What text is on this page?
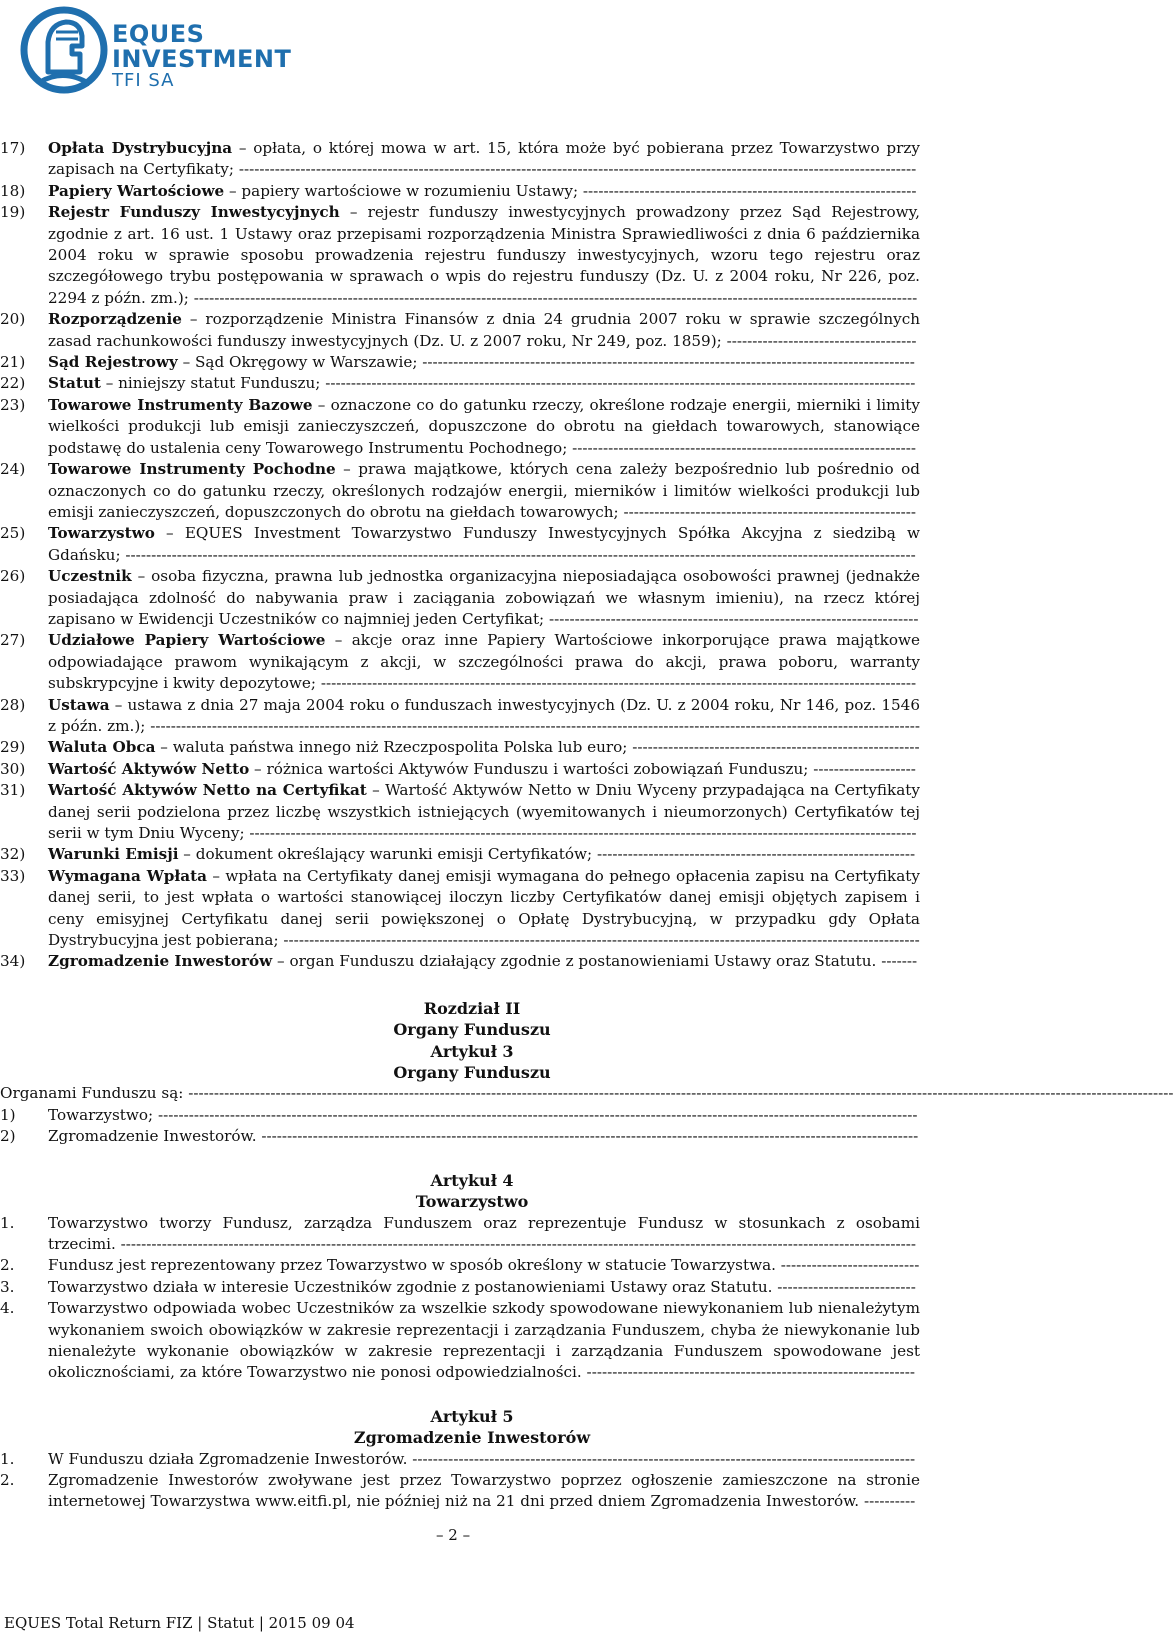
EQUES
INVESTMENT
TFI SA
17)	Opłata Dystrybucyjna – opłata, o której mowa w art. 15, która może być pobierana przez Towarzystwo przy zapisach na Certyfikaty; ------------------------------------------------------------------------------------------------------------------------------------
18)	Papiery Wartościowe – papiery wartościowe w rozumieniu Ustawy; -----------------------------------------------------------------
19)	Rejestr Funduszy Inwestycyjnych – rejestr funduszy inwestycyjnych prowadzony przez Sąd Rejestrowy, zgodnie z art. 16 ust. 1 Ustawy oraz przepisami rozporządzenia Ministra Sprawiedliwości z dnia 6 października 2004 roku w sprawie sposobu prowadzenia rejestru funduszy inwestycyjnych, wzoru tego rejestru oraz szczegółowego trybu postępowania w sprawach o wpis do rejestru funduszy (Dz. U. z 2004 roku, Nr 226, poz. 2294 z późn. zm.); ---------------------------------------------------------------------------------------------------------------------------------------------
20)	Rozporządzenie – rozporządzenie Ministra Finansów z dnia 24 grudnia 2007 roku w sprawie szczególnych zasad rachunkowości funduszy inwestycyjnych (Dz. U. z 2007 roku, Nr 249, poz. 1859); -------------------------------------
21)	Sąd Rejestrowy – Sąd Okręgowy w Warszawie; ------------------------------------------------------------------------------------------------
22)	Statut – niniejszy statut Funduszu; -------------------------------------------------------------------------------------------------------------------
23)	Towarowe Instrumenty Bazowe – oznaczone co do gatunku rzeczy, określone rodzaje energii, mierniki i limity wielkości produkcji lub emisji zanieczyszczeń, dopuszczone do obrotu na giełdach towarowych, stanowiące podstawę do ustalenia ceny Towarowego Instrumentu Pochodnego; -------------------------------------------------------------------
24)	Towarowe Instrumenty Pochodne – prawa majątkowe, których cena zależy bezpośrednio lub pośrednio od oznaczonych co do gatunku rzeczy, określonych rodzajów energii, mierników i limitów wielkości produkcji lub emisji zanieczyszczeń, dopuszczonych do obrotu na giełdach towarowych; ---------------------------------------------------------
25)	Towarzystwo – EQUES Investment Towarzystwo Funduszy Inwestycyjnych Spółka Akcyjna z siedzibą w Gdańsku; ----------------------------------------------------------------------------------------------------------------------------------------------------------
26)	Uczestnik – osoba fizyczna, prawna lub jednostka organizacyjna nieposiadająca osobowości prawnej (jednakże posiadająca zdolność do nabywania praw i zaciągania zobowiązań we własnym imieniu), na rzecz której zapisano w Ewidencji Uczestników co najmniej jeden Certyfikat; ------------------------------------------------------------------------
27)	Udziałowe Papiery Wartościowe – akcje oraz inne Papiery Wartościowe inkorporujące prawa majątkowe odpowiadające prawom wynikającym z akcji, w szczególności prawa do akcji, prawa poboru, warranty subskrypcyjne i kwity depozytowe; --------------------------------------------------------------------------------------------------------------------
28)	Ustawa – ustawa z dnia 27 maja 2004 roku o funduszach inwestycyjnych (Dz. U. z 2004 roku, Nr 146, poz. 1546 z późn. zm.); ------------------------------------------------------------------------------------------------------------------------------------------------------
29)	Waluta Obca – waluta państwa innego niż Rzeczpospolita Polska lub euro; --------------------------------------------------------
30)	Wartość Aktywów Netto – różnica wartości Aktywów Funduszu i wartości zobowiązań Funduszu; --------------------
31)	Wartość Aktywów Netto na Certyfikat – Wartość Aktywów Netto w Dniu Wyceny przypadająca na Certyfikaty danej serii podzielona przez liczbę wszystkich istniejących (wyemitowanych i nieumorzonych) Certyfikatów tej serii w tym Dniu Wyceny; ----------------------------------------------------------------------------------------------------------------------------------
32)	Warunki Emisji – dokument określający warunki emisji Certyfikatów; --------------------------------------------------------------
33)	Wymagana Wpłata – wpłata na Certyfikaty danej emisji wymagana do pełnego opłacenia zapisu na Certyfikaty danej serii, to jest wpłata o wartości stanowiącej iloczyn liczby Certyfikatów danej emisji objętych zapisem i ceny emisyjnej Certyfikatu danej serii powiększonej o Opłatę Dystrybucyjną, w przypadku gdy Opłata Dystrybucyjna jest pobierana; ----------------------------------------------------------------------------------------------------------------------------
34)	Zgromadzenie Inwestorów – organ Funduszu działający zgodnie z postanowieniami Ustawy oraz Statutu. -------
Rozdział II
Organy Funduszu
Artykuł 3
Organy Funduszu
Organami Funduszu są: -----
1)	Towarzystwo; ----------------------------------------------------------------------------------------------------------------------------------------------------
2)	Zgromadzenie Inwestorów. --------------------------------------------------------------------------------------------------------------------------------
Artykuł 4
Towarzystwo
1.	Towarzystwo tworzy Fundusz, zarządza Funduszem oraz reprezentuje Fundusz w stosunkach z osobami trzecimi. -----------------------------------------------------------------------------------------------------------------------------------------------------------
2.	Fundusz jest reprezentowany przez Towarzystwo w sposób określony w statucie Towarzystwa. ---------------------------
3.	Towarzystwo działa w interesie Uczestników zgodnie z postanowieniami Ustawy oraz Statutu. ---------------------------
4.	Towarzystwo odpowiada wobec Uczestników za wszelkie szkody spowodowane niewykonaniem lub nienależytym wykonaniem swoich obowiązków w zakresie reprezentacji i zarządzania Funduszem, chyba że niewykonanie lub nienależyte wykonanie obowiązków w zakresie reprezentacji i zarządzania Funduszem spowodowane jest okolicznościami, za które Towarzystwo nie ponosi odpowiedzialności. ----------------------------------------------------------------
Artykuł 5
Zgromadzenie Inwestorów
1.	W Funduszu działa Zgromadzenie Inwestorów. --------------------------------------------------------------------------------------------------
2.	Zgromadzenie Inwestorów zwoływane jest przez Towarzystwo poprzez ogłoszenie zamieszczone na stronie internetowej Towarzystwa www.eitfi.pl, nie później niż na 21 dni przed dniem Zgromadzenia Inwestorów. ----------
– 2 –
EQUES Total Return FIZ | Statut | 2015 09 04
